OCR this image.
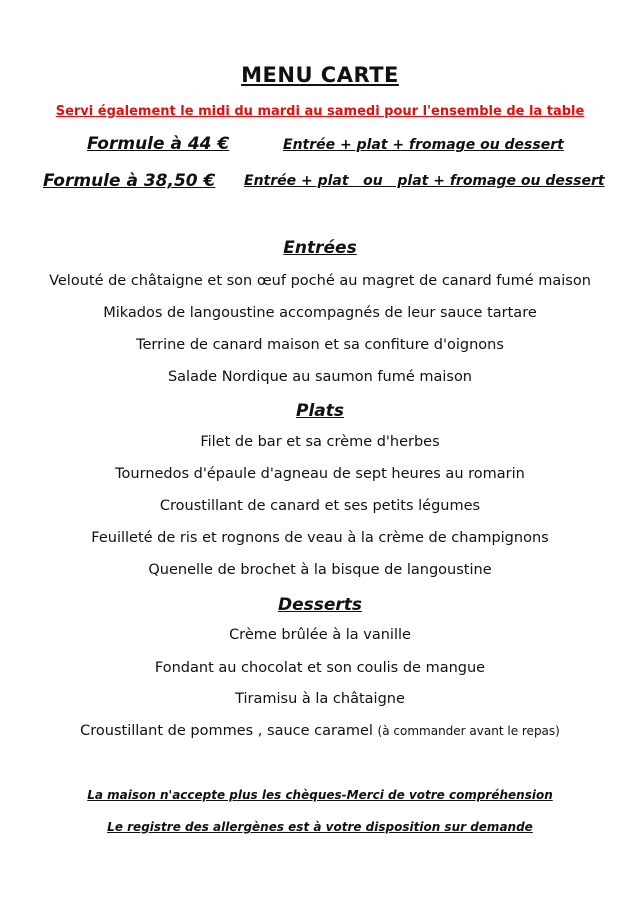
MENU CARTE
Servi également le midi du mardi au samedi pour l'ensemble de la table
Formule à 44 €	Entrée + plat + fromage ou dessert
Formule à 38,50 € Entrée + plat   ou   plat + fromage ou dessert
Entrées
Velouté de châtaigne et son œuf poché au magret de canard fumé maison
Mikados de langoustine accompagnés de leur sauce tartare
Terrine de canard maison et sa confiture d'oignons
Salade Nordique au saumon fumé maison
Plats
Filet de bar et sa crème d'herbes
Tournedos d'épaule d'agneau de sept heures au romarin
Croustillant de canard et ses petits légumes
Feuilleté de ris et rognons de veau à la crème de champignons
Quenelle de brochet à la bisque de langoustine
Desserts
Crème brûlée à la vanille
Fondant au chocolat et son coulis de mangue
Tiramisu à la châtaigne
Croustillant de pommes , sauce caramel (à commander avant le repas)
La maison n'accepte plus les chèques-Merci de votre compréhension
Le registre des allergènes est à votre disposition sur demande
